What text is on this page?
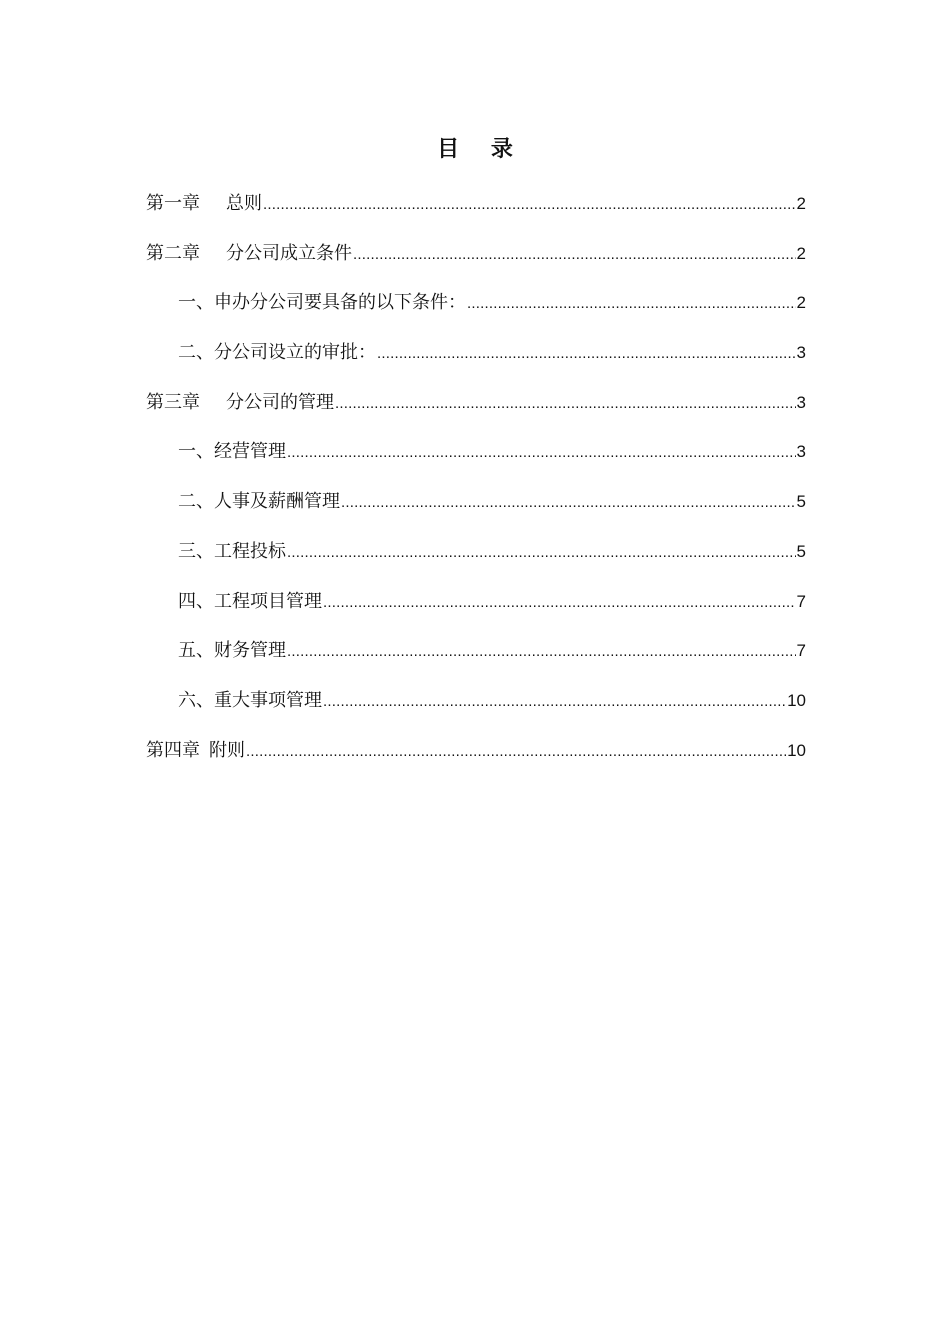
目 录
第一章 总则 .....	2
第二章 分公司成立条件 .....	2
一、申办分公司要具备的以下条件： .....	2
二、分公司设立的审批： .....	3
第三章 分公司的管理 .....	3
一、经营管理 .....	3
二、人事及薪酬管理 .....	5
三、工程投标 .....	5
四、工程项目管理 .....	7
五、财务管理 .....	7
六、重大事项管理 .....	10
第四章 附则 .....	10
